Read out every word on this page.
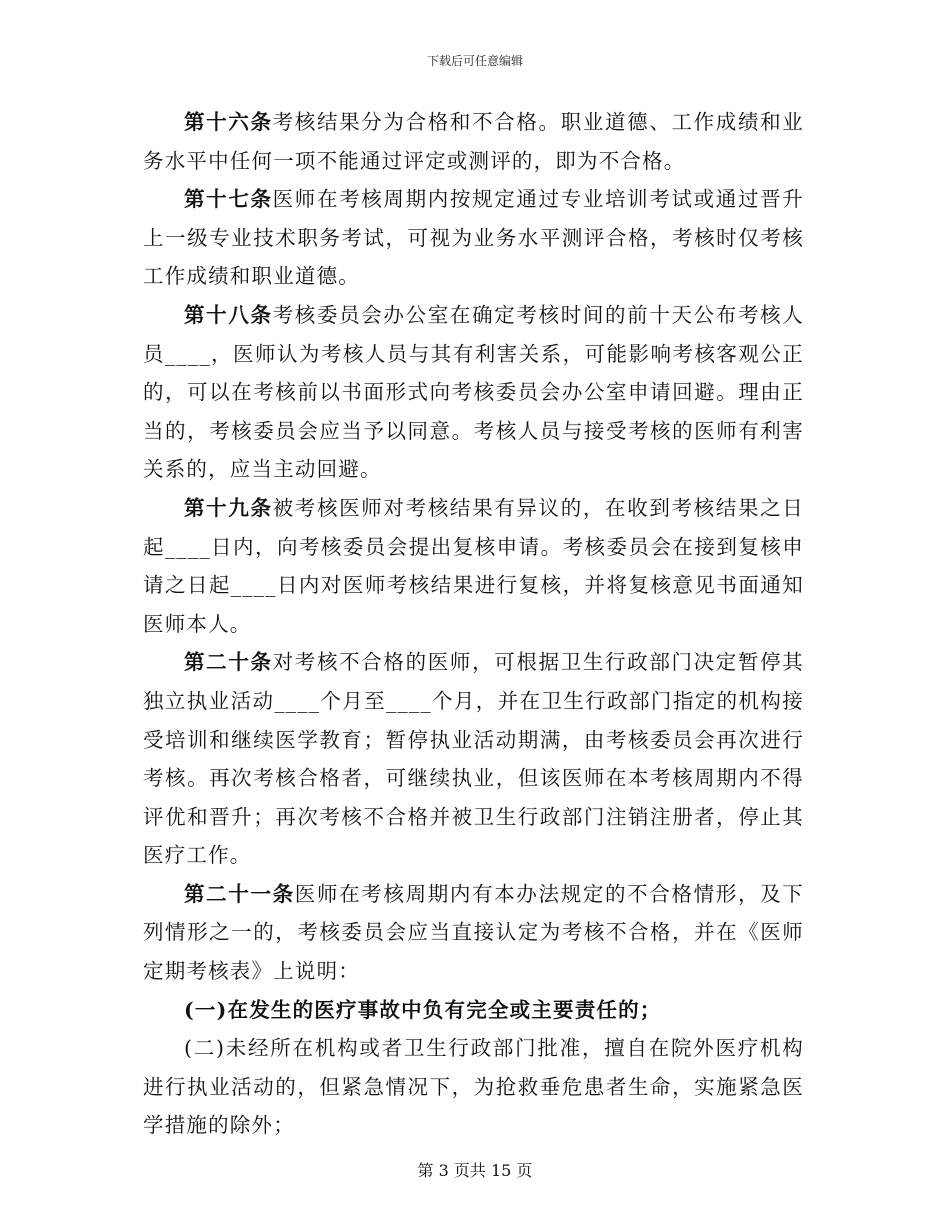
下载后可任意编辑

第十六条考核结果分为合格和不合格。职业道德、工作成绩和业务水平中任何一项不能通过评定或测评的，即为不合格。

第十七条医师在考核周期内按规定通过专业培训考试或通过晋升上一级专业技术职务考试，可视为业务水平测评合格，考核时仅考核工作成绩和职业道德。

第十八条考核委员会办公室在确定考核时间的前十天公布考核人员____，医师认为考核人员与其有利害关系，可能影响考核客观公正的，可以在考核前以书面形式向考核委员会办公室申请回避。理由正当的，考核委员会应当予以同意。考核人员与接受考核的医师有利害关系的，应当主动回避。

第十九条被考核医师对考核结果有异议的，在收到考核结果之日起____日内，向考核委员会提出复核申请。考核委员会在接到复核申请之日起____日内对医师考核结果进行复核，并将复核意见书面通知医师本人。

第二十条对考核不合格的医师，可根据卫生行政部门决定暂停其独立执业活动____个月至____个月，并在卫生行政部门指定的机构接受培训和继续医学教育；暂停执业活动期满，由考核委员会再次进行考核。再次考核合格者，可继续执业，但该医师在本考核周期内不得评优和晋升；再次考核不合格并被卫生行政部门注销注册者，停止其医疗工作。

第二十一条医师在考核周期内有本办法规定的不合格情形，及下列情形之一的，考核委员会应当直接认定为考核不合格，并在《医师定期考核表》上说明：

(一)在发生的医疗事故中负有完全或主要责任的；

(二)未经所在机构或者卫生行政部门批准，擅自在院外医疗机构进行执业活动的，但紧急情况下，为抢救垂危患者生命，实施紧急医学措施的除外；

第 3 页共 15 页
